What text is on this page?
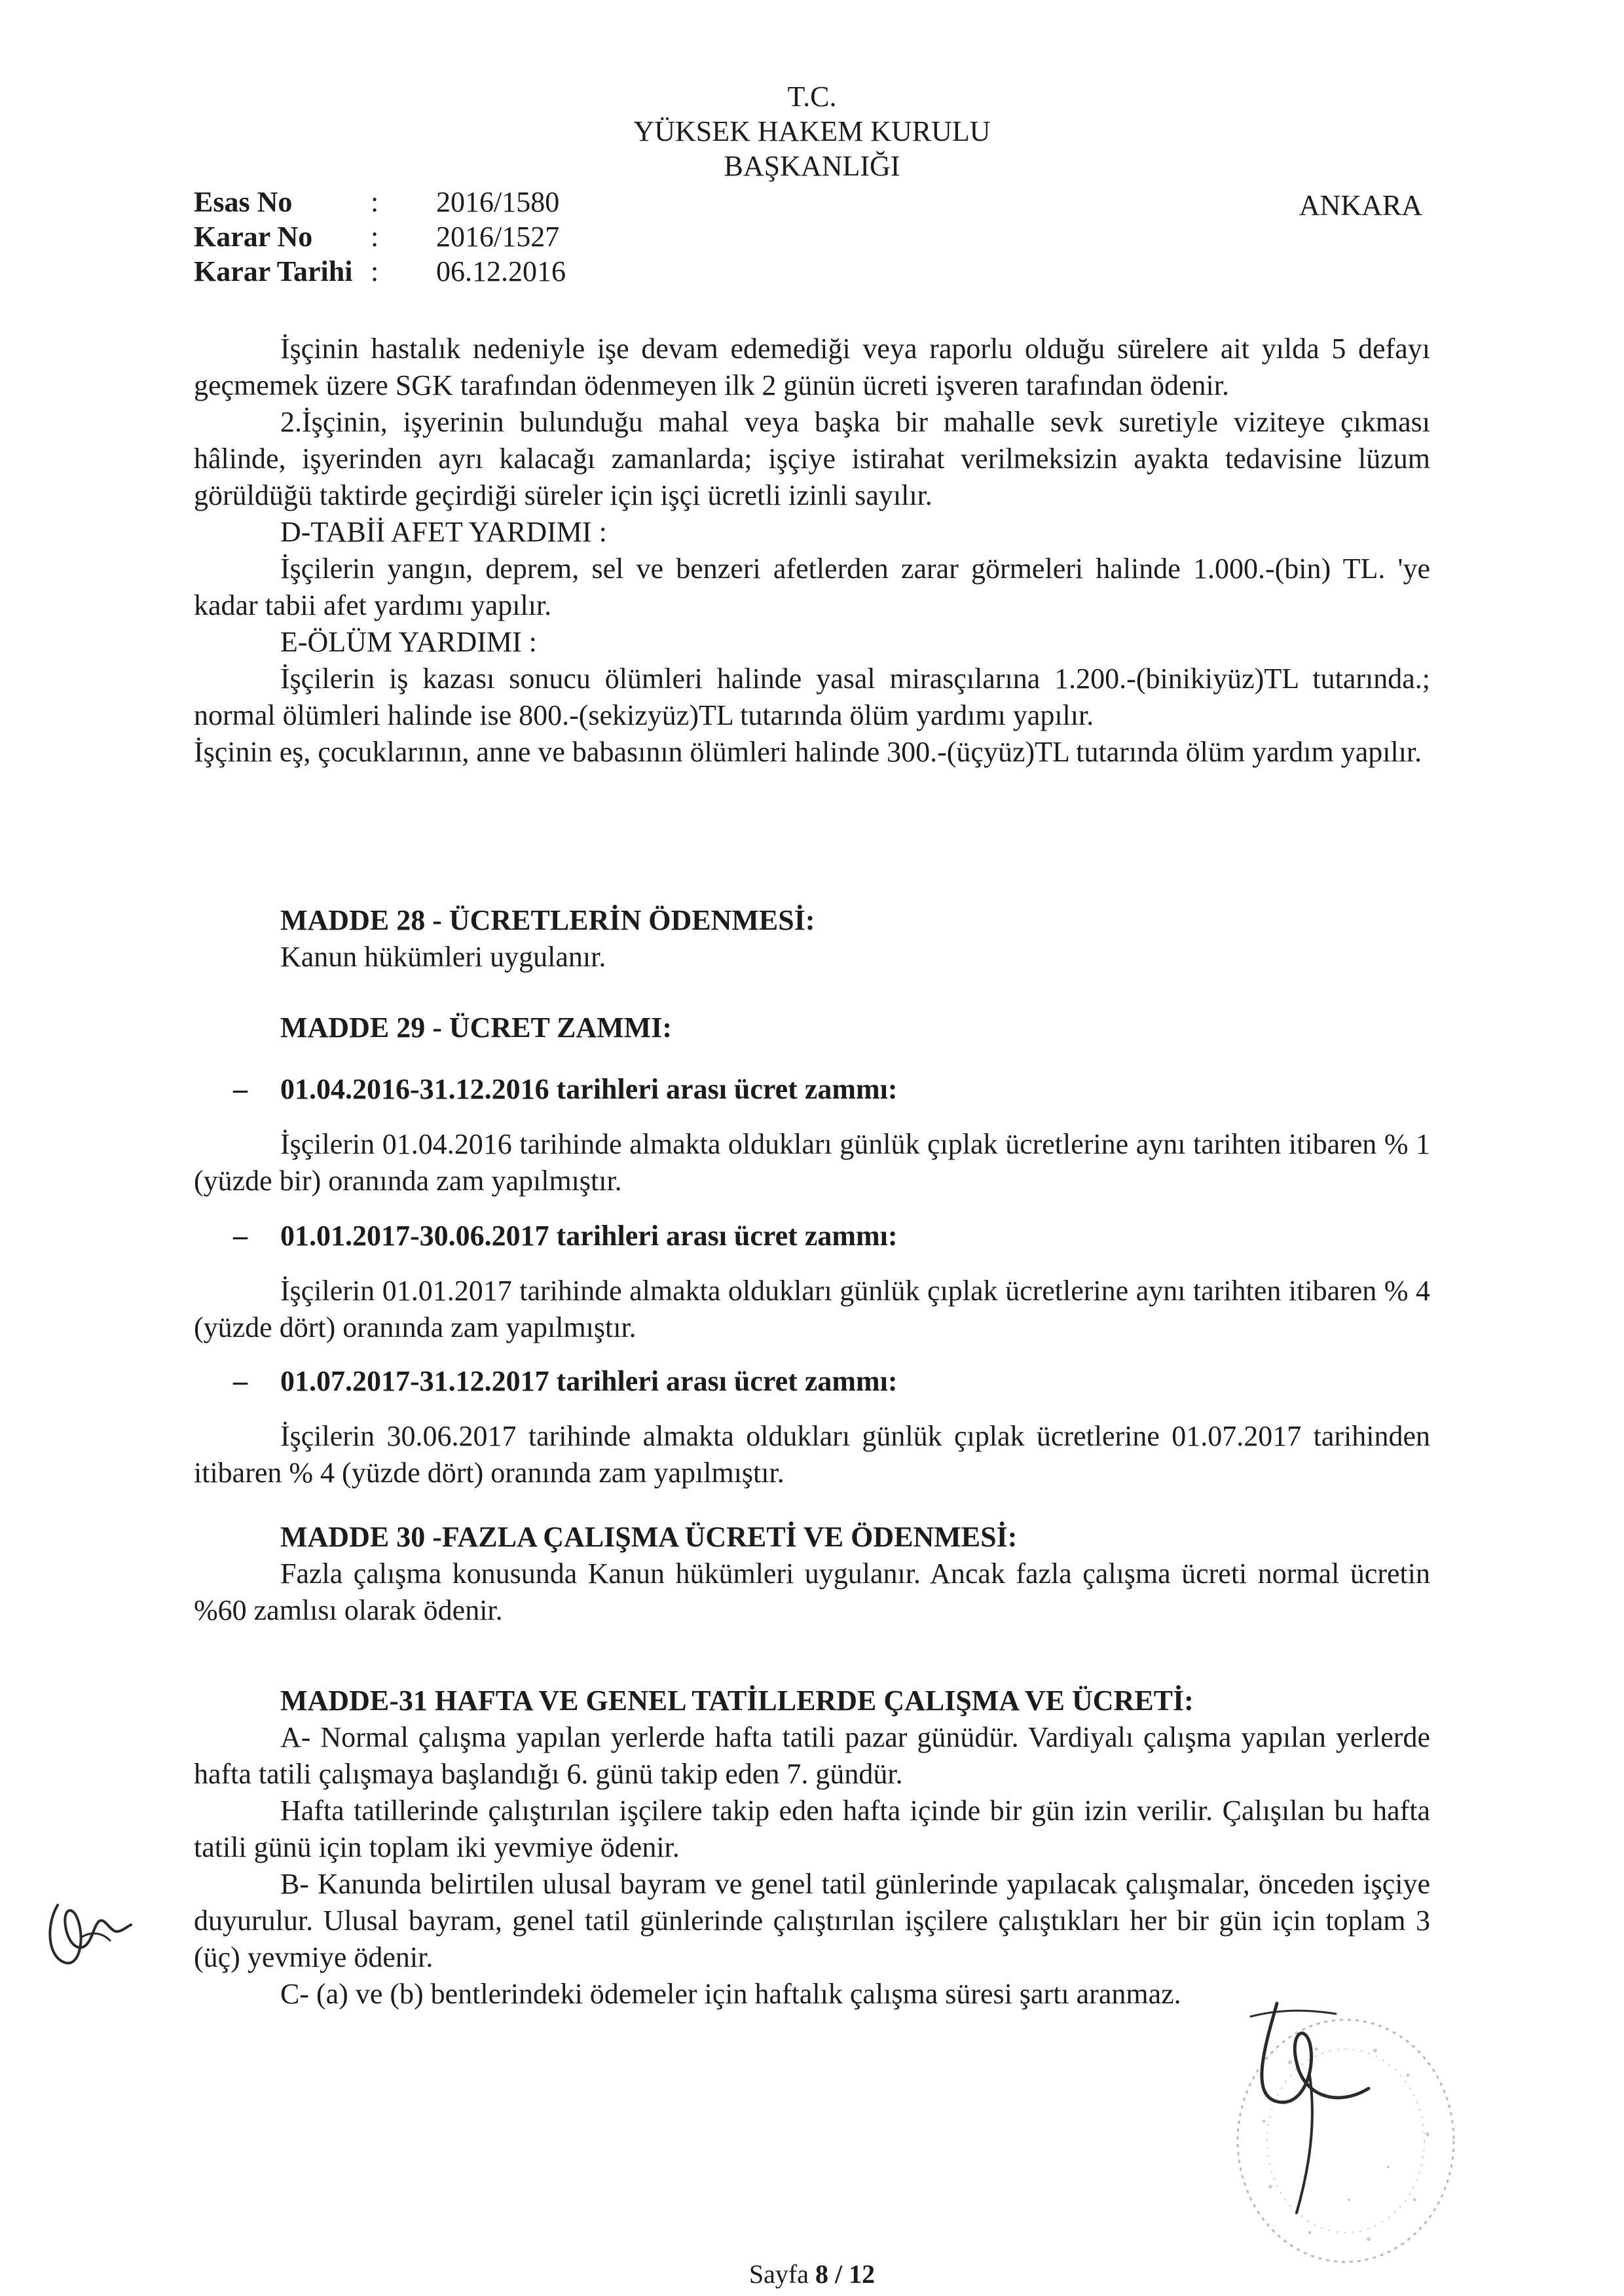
T.C.
YÜKSEK HAKEM KURULU
BAŞKANLIĞI
Esas No	:	2016/1580
Karar No	:	2016/1527
Karar Tarihi :	06.12.2016
ANKARA

İşçinin hastalık nedeniyle işe devam edemediği veya raporlu olduğu sürelere ait yılda 5 defayı geçmemek üzere SGK tarafından ödenmeyen ilk 2 günün ücreti işveren tarafından ödenir.

2.İşçinin, işyerinin bulunduğu mahal veya başka bir mahalle sevk suretiyle viziteye çıkması hâlinde, işyerinden ayrı kalacağı zamanlarda; işçiye istirahat verilmeksizin ayakta tedavisine lüzum görüldüğü taktirde geçirdiği süreler için işçi ücretli izinli sayılır.

D-TABİİ AFET YARDIMI :

İşçilerin yangın, deprem, sel ve benzeri afetlerden zarar görmeleri halinde 1.000.-(bin) TL. 'ye kadar tabii afet yardımı yapılır.

E-ÖLÜM YARDIMI :

İşçilerin iş kazası sonucu ölümleri halinde yasal mirasçılarına 1.200.-(binikiyüz)TL tutarında.; normal ölümleri halinde ise 800.-(sekizyüz)TL tutarında ölüm yardımı yapılır.

İşçinin eş, çocuklarının, anne ve babasının ölümleri halinde 300.-(üçyüz)TL tutarında ölüm yardım yapılır.

MADDE 28 - ÜCRETLERİN ÖDENMESİ:

Kanun hükümleri uygulanır.

MADDE 29 - ÜCRET ZAMMI:

–	01.04.2016-31.12.2016 tarihleri arası ücret zammı:

İşçilerin 01.04.2016 tarihinde almakta oldukları günlük çıplak ücretlerine aynı tarihten itibaren % 1 (yüzde bir) oranında zam yapılmıştır.

–	01.01.2017-30.06.2017 tarihleri arası ücret zammı:

İşçilerin 01.01.2017 tarihinde almakta oldukları günlük çıplak ücretlerine aynı tarihten itibaren % 4 (yüzde dört) oranında zam yapılmıştır.

–	01.07.2017-31.12.2017 tarihleri arası ücret zammı:

İşçilerin 30.06.2017 tarihinde almakta oldukları günlük çıplak ücretlerine 01.07.2017 tarihinden itibaren % 4 (yüzde dört) oranında zam yapılmıştır.

MADDE 30 -FAZLA ÇALIŞMA ÜCRETİ VE ÖDENMESİ:

Fazla çalışma konusunda Kanun hükümleri uygulanır. Ancak fazla çalışma ücreti normal ücretin %60 zamlısı olarak ödenir.

MADDE-31 HAFTA VE GENEL TATİLLERDE ÇALIŞMA VE ÜCRETİ:

A- Normal çalışma yapılan yerlerde hafta tatili pazar günüdür. Vardiyalı çalışma yapılan yerlerde hafta tatili çalışmaya başlandığı 6. günü takip eden 7. gündür.

Hafta tatillerinde çalıştırılan işçilere takip eden hafta içinde bir gün izin verilir. Çalışılan bu hafta tatili günü için toplam iki yevmiye ödenir.

B- Kanunda belirtilen ulusal bayram ve genel tatil günlerinde yapılacak çalışmalar, önceden işçiye duyurulur. Ulusal bayram, genel tatil günlerinde çalıştırılan işçilere çalıştıkları her bir gün için toplam 3 (üç) yevmiye ödenir.

C- (a) ve (b) bentlerindeki ödemeler için haftalık çalışma süresi şartı aranmaz.

Sayfa 8 / 12
